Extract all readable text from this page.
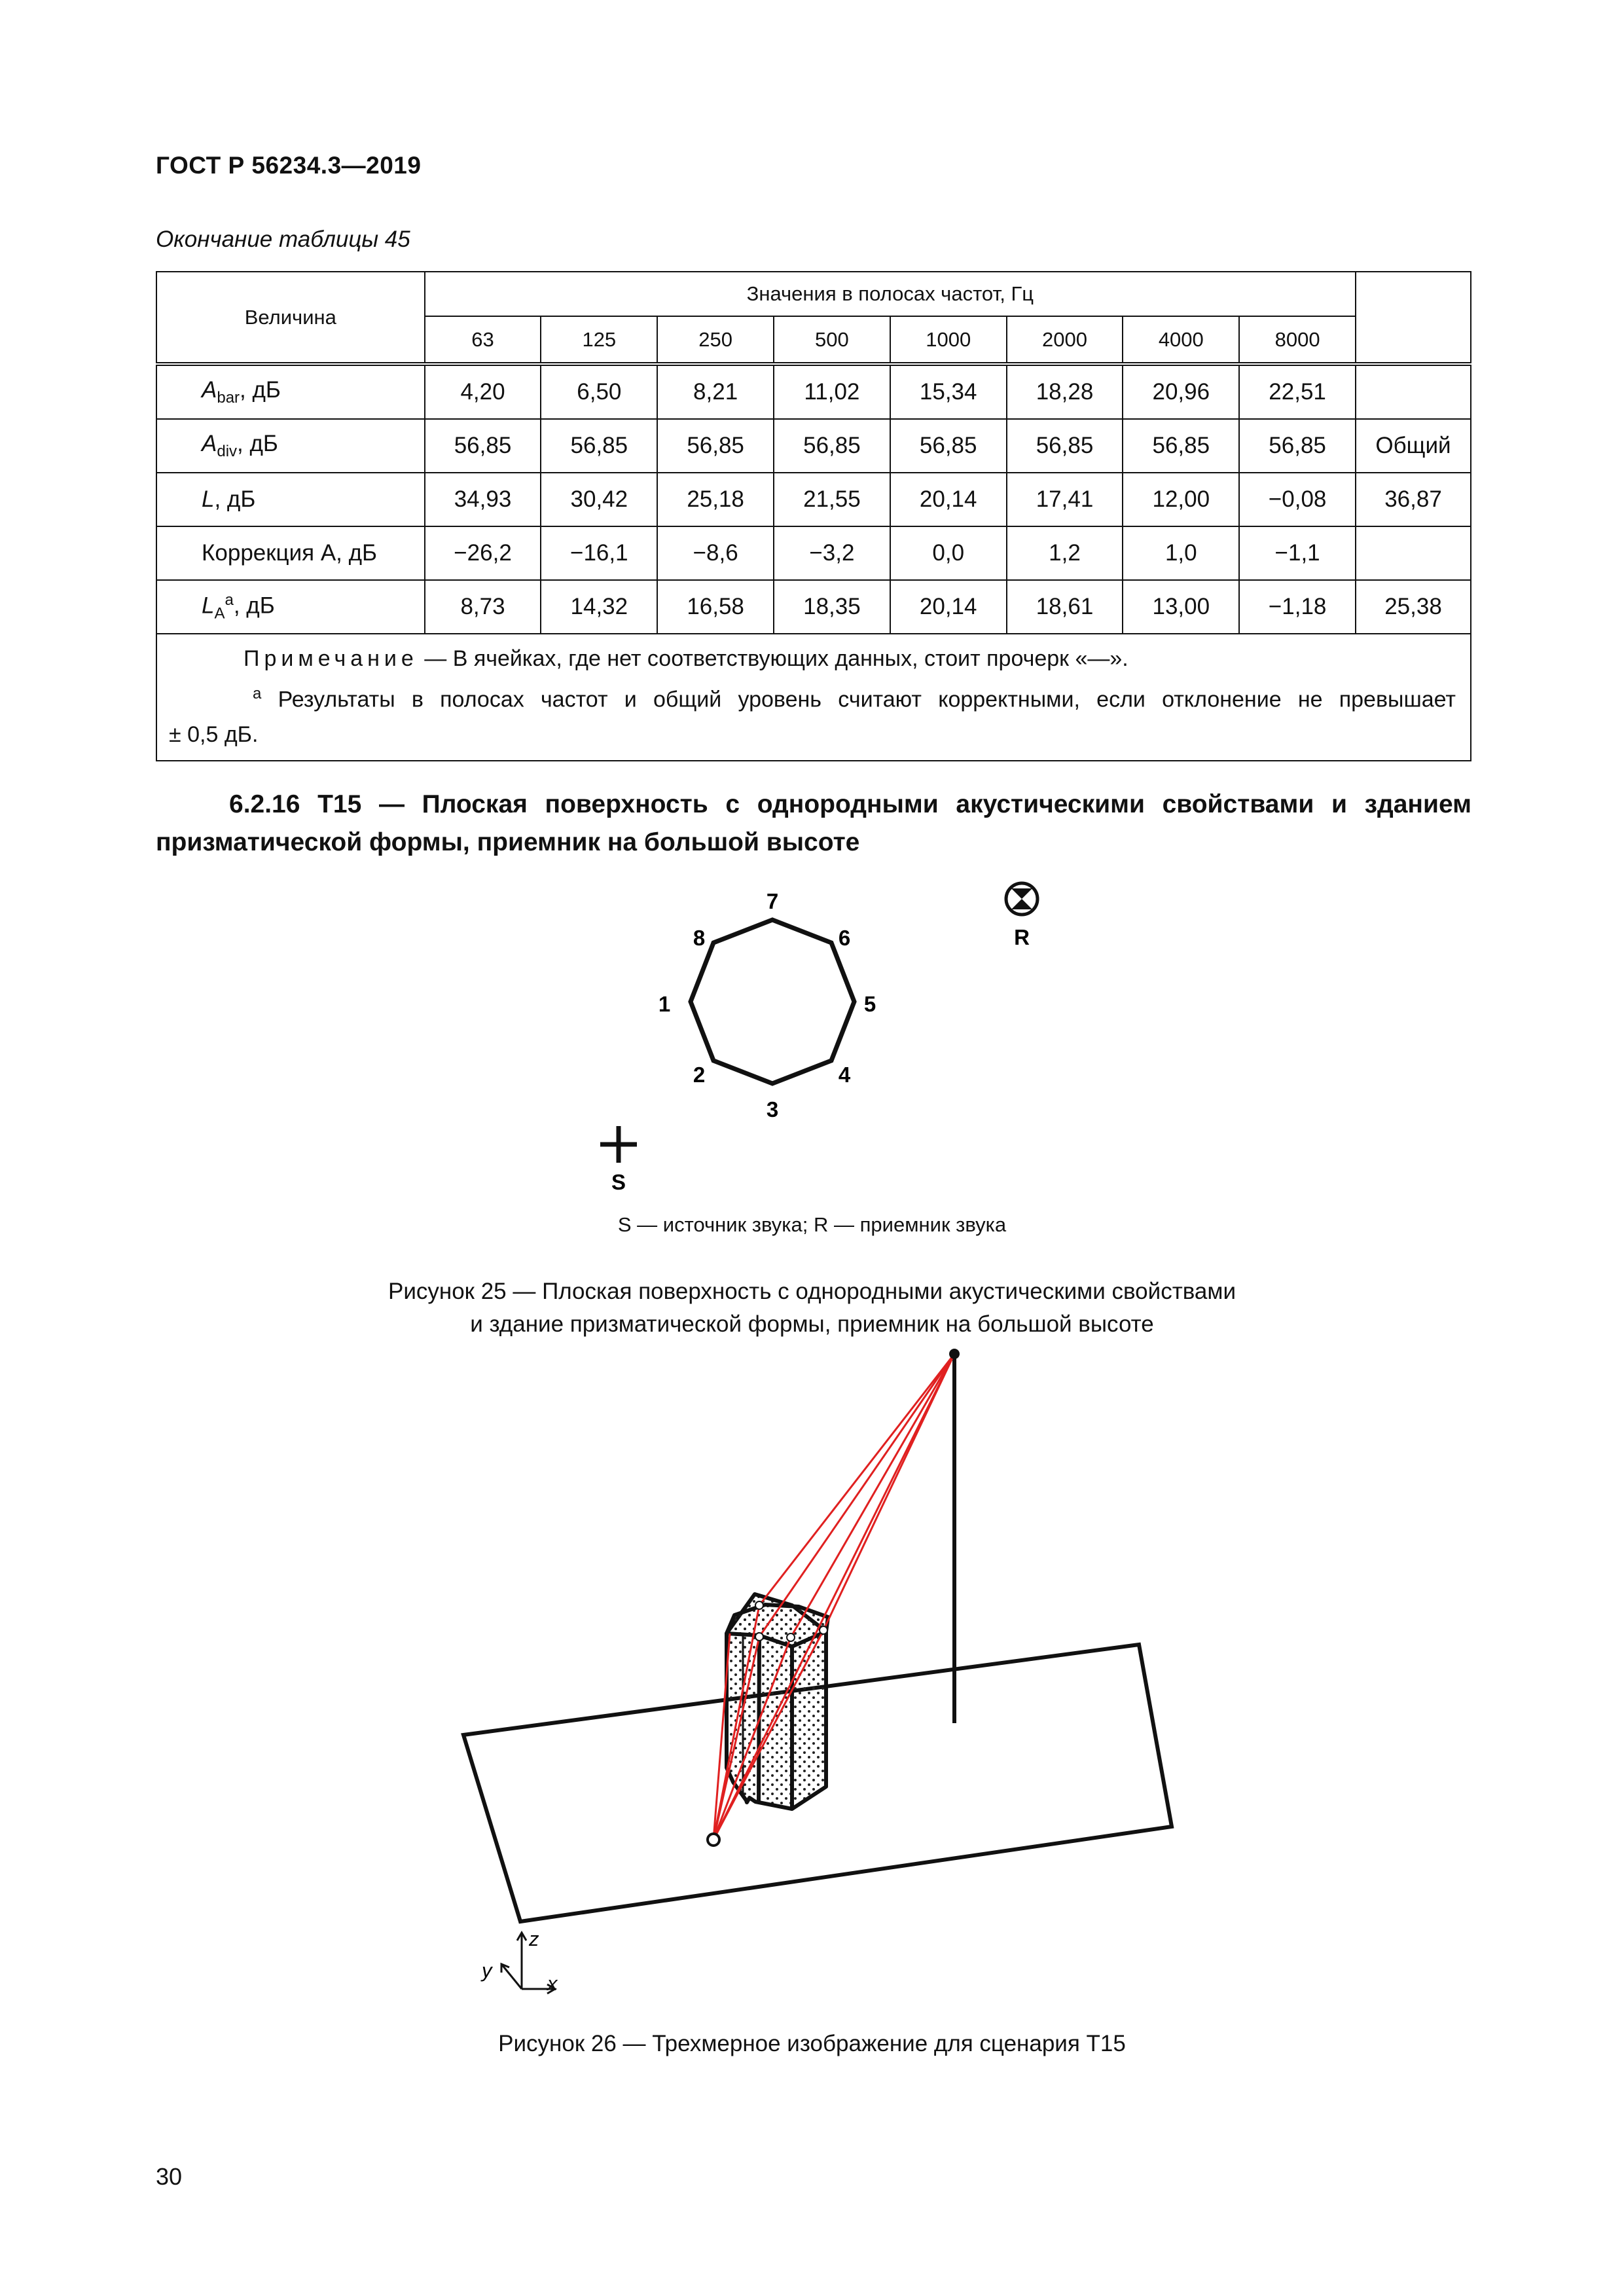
ГОСТ Р 56234.3—2019
Окончание таблицы 45
Величина	Значения в полосах частот, Гц								
	63	125	250	500	1000	2000	4000	8000	
$A_{bar}$, дБ	4,20	6,50	8,21	11,02	15,34	18,28	20,96	22,51	
$A_{div}$, дБ	56,85	56,85	56,85	56,85	56,85	56,85	56,85	56,85	Общий
L, дБ	34,93	30,42	25,18	21,55	20,14	17,41	12,00	−0,08	36,87
Коррекция A, дБ	−26,2	−16,1	−8,6	−3,2	0,0	1,2	1,0	−1,1	
$L_A^a$, дБ	8,73	14,32	16,58	18,35	20,14	18,61	13,00	−1,18	25,38

Примечание — В ячейках, где нет соответствующих данных, стоит прочерк «—».
$^a$ Результаты в полосах частот и общий уровень считают корректными, если отклонение не превышает
± 0,5 дБ.									
6.2.16 T15 — Плоская поверхность с однородными акустическими свойствами и зданием призматической формы, приемник на большой высоте
1
2
3
4
5
6
7
8	R
S
S — источник звука; R — приемник звука
Рисунок 25 — Плоская поверхность с однородными акустическими свойствами
и здание призматической формы, приемник на большой высоте
z
y
x
Рисунок 26 — Трехмерное изображение для сценария T15
30
